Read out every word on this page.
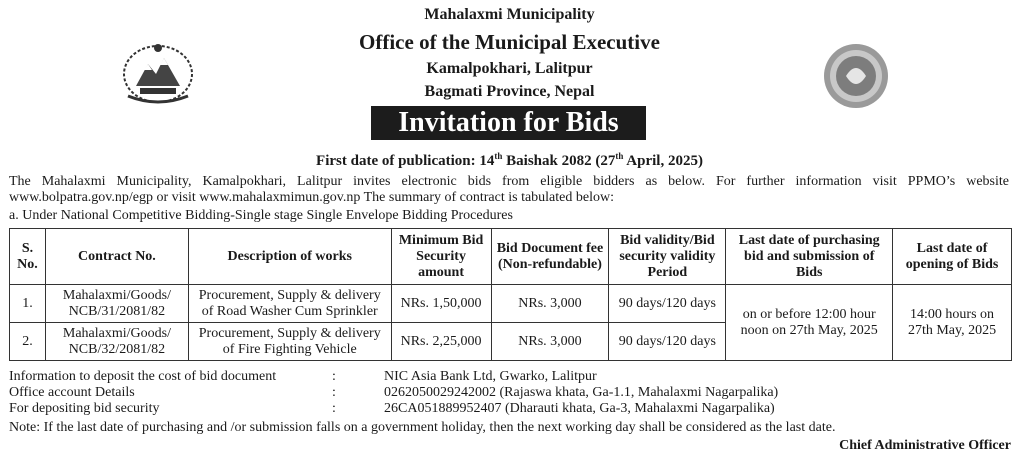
Mahalaxmi Municipality
Office of the Municipal Executive
Kamalpokhari, Lalitpur
Bagmati Province, Nepal
Invitation for Bids
First date of publication: 14th Baishak 2082 (27th April, 2025)
The Mahalaxmi Municipality, Kamalpokhari, Lalitpur invites electronic bids from eligible bidders as below. For further information visit PPMO’s website www.bolpatra.gov.np/egp or visit www.mahalaxmimun.gov.np The summary of contract is tabulated below:
a. Under National Competitive Bidding-Single stage Single Envelope Bidding Procedures
S. No.	Contract No.	Description of works	Minimum Bid Security amount	Bid Document fee (Non-refundable)	Bid validity/Bid security validity Period	Last date of purchasing bid and submission of Bids	Last date of opening of Bids
1.	Mahalaxmi/Goods/ NCB/31/2081/82	Procurement, Supply & delivery of Road Washer Cum Sprinkler	NRs. 1,50,000	NRs. 3,000	90 days/120 days	on or before 12:00 hour noon on 27th May, 2025	14:00 hours on 27th May, 2025
2.	Mahalaxmi/Goods/ NCB/32/2081/82	Procurement, Supply & delivery of Fire Fighting Vehicle	NRs. 2,25,000	NRs. 3,000	90 days/120 days		
Information to deposit the cost of bid document	:	NIC Asia Bank Ltd, Gwarko, Lalitpur
Office account Details	:	0262050029242002 (Rajaswa khata, Ga-1.1, Mahalaxmi Nagarpalika)
For depositing bid security	:	26CA051889952407 (Dharauti khata, Ga-3, Mahalaxmi Nagarpalika)
Note: If the last date of purchasing and /or submission falls on a government holiday, then the next working day shall be considered as the last date.
Chief Administrative Officer
